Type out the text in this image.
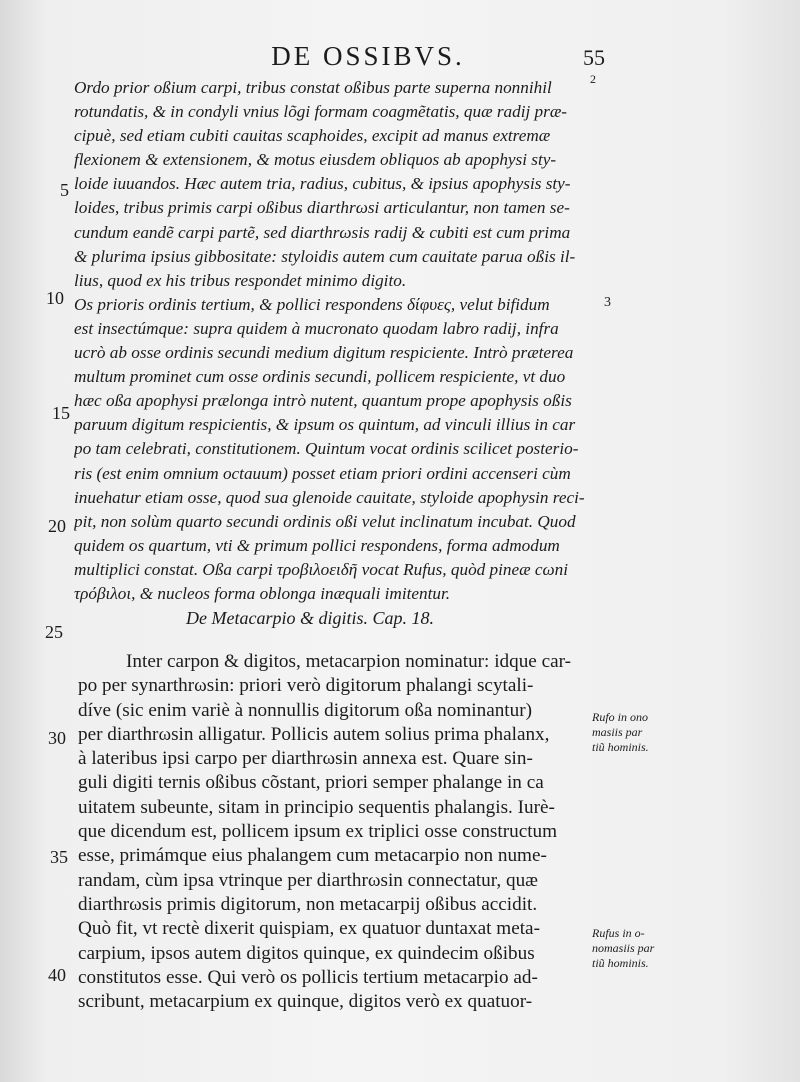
DE OSSIBVS.	55
2
3
5
10
15
20
25
30
35
40
Ordo prior oßium carpi, tribus constat oßibus parte superna nonnihil
rotundatis, & in condyli vnius lõgi formam coagmẽtatis, quæ radij præ-
cipuè, sed etiam cubiti cauitas scaphoides, excipit ad manus extremæ
flexionem & extensionem, & motus eiusdem obliquos ab apophysi sty-
loide iuuandos. Hæc autem tria, radius, cubitus, & ipsius apophysis sty-
loides, tribus primis carpi oßibus diarthrωsi articulantur, non tamen se-
cundum eandẽ carpi partẽ, sed diarthrωsis radij & cubiti est cum prima
& plurima ipsius gibbositate: styloidis autem cum cauitate parua oßis il-
lius, quod ex his tribus respondet minimo digito.
Os prioris ordinis tertium, & pollici respondens δίφυες, velut bifidum
est insectúmque: supra quidem à mucronato quodam labro radij, infra
ucrò ab osse ordinis secundi medium digitum respiciente. Intrò præterea
multum prominet cum osse ordinis secundi, pollicem respiciente, vt duo
hæc oßa apophysi prælonga intrò nutent, quantum prope apophysis oßis
paruum digitum respicientis, & ipsum os quintum, ad vinculi illius in car
po tam celebrati, constitutionem. Quintum vocat ordinis scilicet posterio-
ris (est enim omnium octauum) posset etiam priori ordini accenseri cùm
inuehatur etiam osse, quod sua glenoide cauitate, styloide apophysin reci-
pit, non solùm quarto secundi ordinis oßi velut inclinatum incubat. Quod
quidem os quartum, vti & primum pollici respondens, forma admodum
multiplici constat. Oßa carpi τροβιλοειδῆ vocat Rufus, quòd pineæ cωni
τρόβιλοι, & nucleos forma oblonga inæquali imitentur.
De Metacarpio & digitis. Cap. 18.
Inter carpon & digitos, metacarpion nominatur: idque car-
po per synarthrωsin: priori verò digitorum phalangi scytali-
díve (sic enim variè à nonnullis digitorum oßa nominantur)
per diarthrωsin alligatur. Pollicis autem solius prima phalanx,
à lateribus ipsi carpo per diarthrωsin annexa est. Quare sin-
guli digiti ternis oßibus cõstant, priori semper phalange in ca
uitatem subeunte, sitam in principio sequentis phalangis. Iurè-
que dicendum est, pollicem ipsum ex triplici osse constructum
esse, primámque eius phalangem cum metacarpio non nume-
randam, cùm ipsa vtrinque per diarthrωsin connectatur, quæ
diarthrωsis primis digitorum, non metacarpij oßibus accidit.
Quò fit, vt rectè dixerit quispiam, ex quatuor duntaxat meta-
carpium, ipsos autem digitos quinque, ex quindecim oßibus
constitutos esse. Qui verò os pollicis tertium metacarpio ad-
scribunt, metacarpium ex quinque, digitos verò ex quatuor-
Rufo in ono
masiis par
tiũ hominis.
Rufus in o-
nomasiis par
tiũ hominis.
